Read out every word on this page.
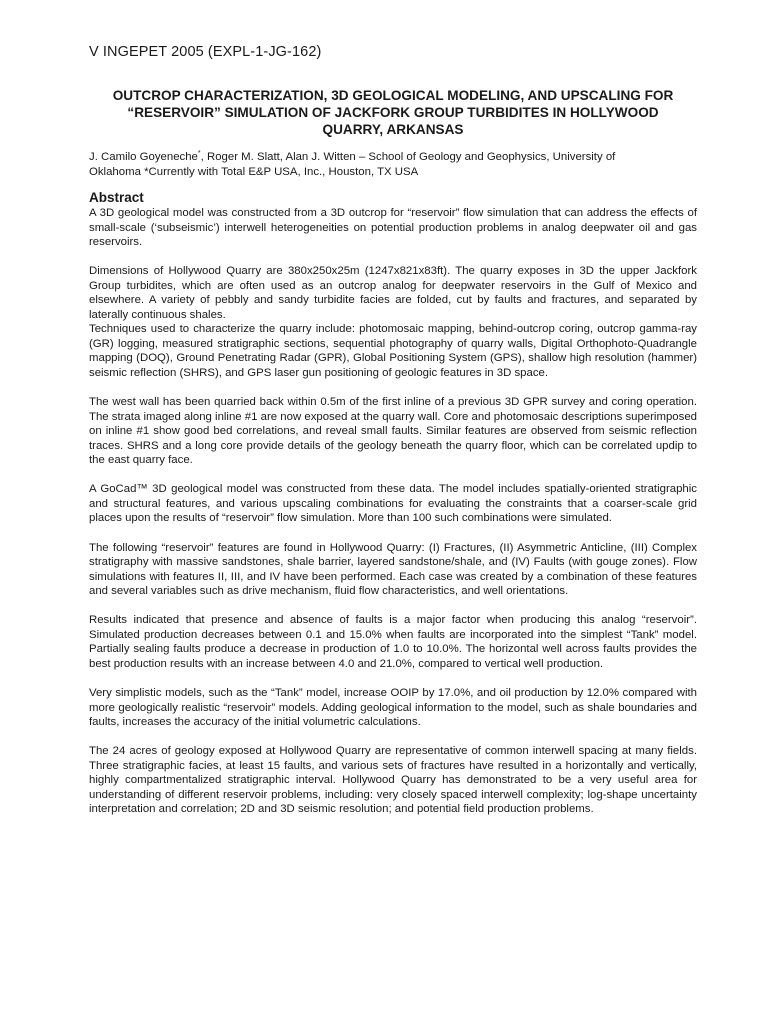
V INGEPET 2005 (EXPL-1-JG-162)
OUTCROP CHARACTERIZATION, 3D GEOLOGICAL MODELING, AND UPSCALING FOR
“RESERVOIR” SIMULATION OF JACKFORK GROUP TURBIDITES IN HOLLYWOOD
QUARRY, ARKANSAS
J. Camilo Goyeneche*, Roger M. Slatt, Alan J. Witten – School of Geology and Geophysics, University of
Oklahoma *Currently with Total E&P USA, Inc., Houston, TX USA
Abstract

A 3D geological model was constructed from a 3D outcrop for “reservoir” flow simulation that can address the effects of small-scale (‘subseismic’) interwell heterogeneities on potential production problems in analog deepwater oil and gas reservoirs.

Dimensions of Hollywood Quarry are 380x250x25m (1247x821x83ft). The quarry exposes in 3D the upper Jackfork Group turbidites, which are often used as an outcrop analog for deepwater reservoirs in the Gulf of Mexico and elsewhere. A variety of pebbly and sandy turbidite facies are folded, cut by faults and fractures, and separated by laterally continuous shales.

Techniques used to characterize the quarry include: photomosaic mapping, behind-outcrop coring, outcrop gamma-ray (GR) logging, measured stratigraphic sections, sequential photography of quarry walls, Digital Orthophoto-Quadrangle mapping (DOQ), Ground Penetrating Radar (GPR), Global Positioning System (GPS), shallow high resolution (hammer) seismic reflection (SHRS), and GPS laser gun positioning of geologic features in 3D space.

The west wall has been quarried back within 0.5m of the first inline of a previous 3D GPR survey and coring operation. The strata imaged along inline #1 are now exposed at the quarry wall. Core and photomosaic descriptions superimposed on inline #1 show good bed correlations, and reveal small faults. Similar features are observed from seismic reflection traces. SHRS and a long core provide details of the geology beneath the quarry floor, which can be correlated updip to the east quarry face.

A GoCad™ 3D geological model was constructed from these data. The model includes spatially-oriented stratigraphic and structural features, and various upscaling combinations for evaluating the constraints that a coarser-scale grid places upon the results of “reservoir” flow simulation. More than 100 such combinations were simulated.

The following “reservoir” features are found in Hollywood Quarry: (I) Fractures, (II) Asymmetric Anticline, (III) Complex stratigraphy with massive sandstones, shale barrier, layered sandstone/shale, and (IV) Faults (with gouge zones). Flow simulations with features II, III, and IV have been performed. Each case was created by a combination of these features and several variables such as drive mechanism, fluid flow characteristics, and well orientations.

Results indicated that presence and absence of faults is a major factor when producing this analog “reservoir”. Simulated production decreases between 0.1 and 15.0% when faults are incorporated into the simplest “Tank” model. Partially sealing faults produce a decrease in production of 1.0 to 10.0%. The horizontal well across faults provides the best production results with an increase between 4.0 and 21.0%, compared to vertical well production.

Very simplistic models, such as the “Tank” model, increase OOIP by 17.0%, and oil production by 12.0% compared with more geologically realistic “reservoir” models. Adding geological information to the model, such as shale boundaries and faults, increases the accuracy of the initial volumetric calculations.

The 24 acres of geology exposed at Hollywood Quarry are representative of common interwell spacing at many fields. Three stratigraphic facies, at least 15 faults, and various sets of fractures have resulted in a horizontally and vertically, highly compartmentalized stratigraphic interval. Hollywood Quarry has demonstrated to be a very useful area for understanding of different reservoir problems, including: very closely spaced interwell complexity; log-shape uncertainty interpretation and correlation; 2D and 3D seismic resolution; and potential field production problems.
